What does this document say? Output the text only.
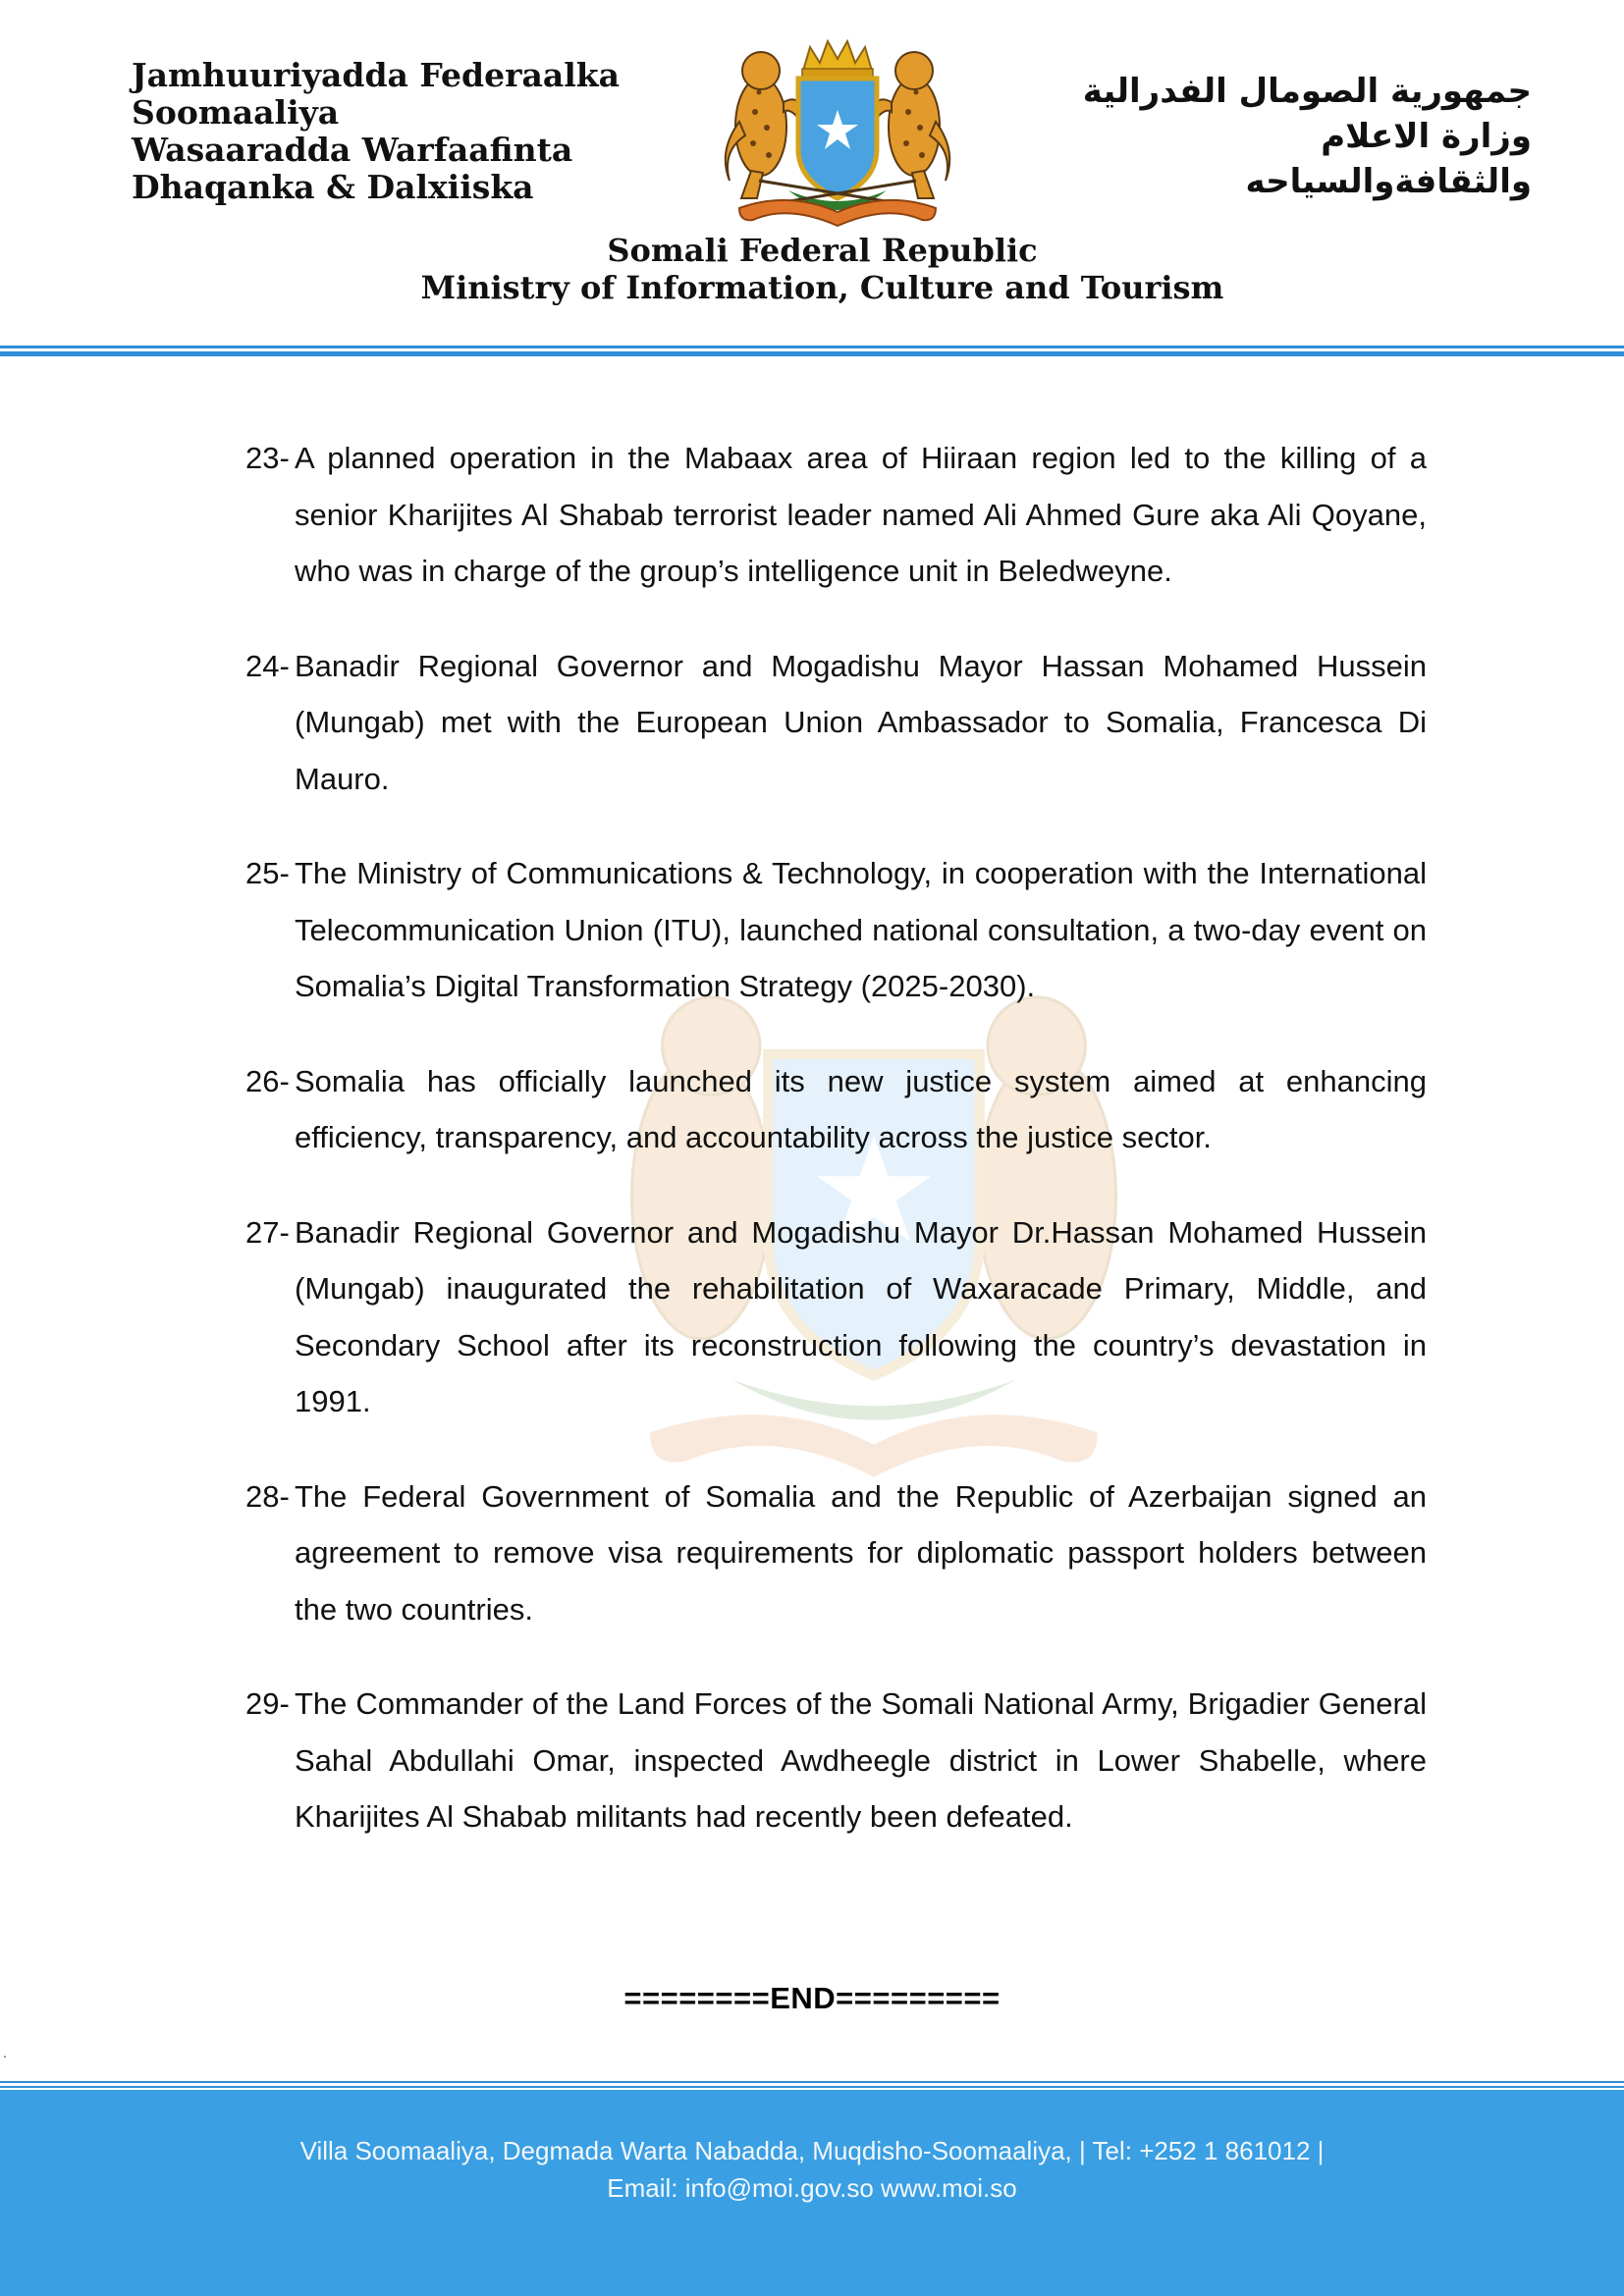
Jamhuuriyadda Federaalka
Soomaaliya
Wasaaradda Warfaafinta
Dhaqanka & Dalxiiska
جمهورية الصومال الفدرالية
وزارة الاعلام
والثقافةوالسياحه
Somali Federal Republic
Ministry of Information, Culture and Tourism
23- A planned operation in the Mabaax area of Hiiraan region led to the killing of a senior Kharijites Al Shabab terrorist leader named Ali Ahmed Gure aka Ali Qoyane, who was in charge of the group’s intelligence unit in Beledweyne.
24- Banadir Regional Governor and Mogadishu Mayor Hassan Mohamed Hussein (Mungab) met with the European Union Ambassador to Somalia, Francesca Di Mauro.
25- The Ministry of Communications & Technology, in cooperation with the International Telecommunication Union (ITU), launched national consultation, a two-day event on Somalia’s Digital Transformation Strategy (2025-2030).
26- Somalia has officially launched its new justice system aimed at enhancing efficiency, transparency, and accountability across the justice sector.
27- Banadir Regional Governor and Mogadishu Mayor Dr.Hassan Mohamed Hussein (Mungab) inaugurated the rehabilitation of Waxaracade Primary, Middle, and Secondary School after its reconstruction following the country’s devastation in 1991.
28- The Federal Government of Somalia and the Republic of Azerbaijan signed an agreement to remove visa requirements for diplomatic passport holders between the two countries.
29- The Commander of the Land Forces of the Somali National Army, Brigadier General Sahal Abdullahi Omar, inspected Awdheegle district in Lower Shabelle, where Kharijites Al Shabab militants had recently been defeated.
========END=========
.
Villa Soomaaliya, Degmada Warta Nabadda, Muqdisho-Soomaaliya, | Tel: +252 1 861012 |
Email: info@moi.gov.so www.moi.so
